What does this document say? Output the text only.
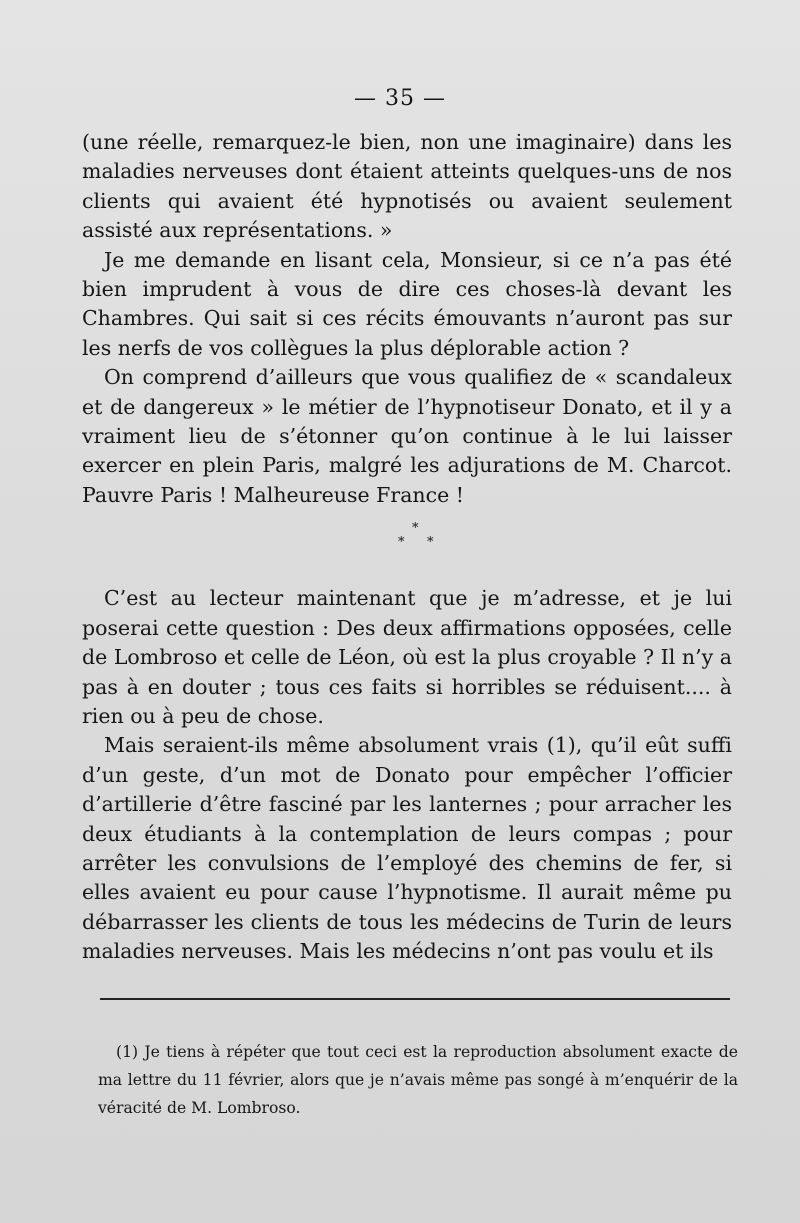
— 35 —

(une réelle, remarquez-le bien, non une imaginaire) dans les maladies nerveuses dont étaient atteints quelques-uns de nos clients qui avaient été hypnotisés ou avaient seulement assisté aux représentations. »

Je me demande en lisant cela, Monsieur, si ce n’a pas été bien imprudent à vous de dire ces choses-là devant les Chambres. Qui sait si ces récits émouvants n’auront pas sur les nerfs de vos collègues la plus déplorable action ?

On comprend d’ailleurs que vous qualifiez de « scandaleux et de dangereux » le métier de l’hypnotiseur Donato, et il y a vraiment lieu de s’étonner qu’on continue à le lui laisser exercer en plein Paris, malgré les adjurations de M. Charcot. Pauvre Paris ! Malheureuse France !

*
* *

C’est au lecteur maintenant que je m’adresse, et je lui poserai cette question : Des deux affirmations opposées, celle de Lombroso et celle de Léon, où est la plus croyable ? Il n’y a pas à en douter ; tous ces faits si horribles se réduisent.... à rien ou à peu de chose.

Mais seraient-ils même absolument vrais (1), qu’il eût suffi d’un geste, d’un mot de Donato pour empêcher l’officier d’artillerie d’être fasciné par les lanternes ; pour arracher les deux étudiants à la contemplation de leurs compas ; pour arrêter les convulsions de l’employé des chemins de fer, si elles avaient eu pour cause l’hypnotisme. Il aurait même pu débarrasser les clients de tous les médecins de Turin de leurs maladies nerveuses. Mais les médecins n’ont pas voulu et ils

(1) Je tiens à répéter que tout ceci est la reproduction absolument exacte de ma lettre du 11 février, alors que je n’avais même pas songé à m’enquérir de la véracité de M. Lombroso.
